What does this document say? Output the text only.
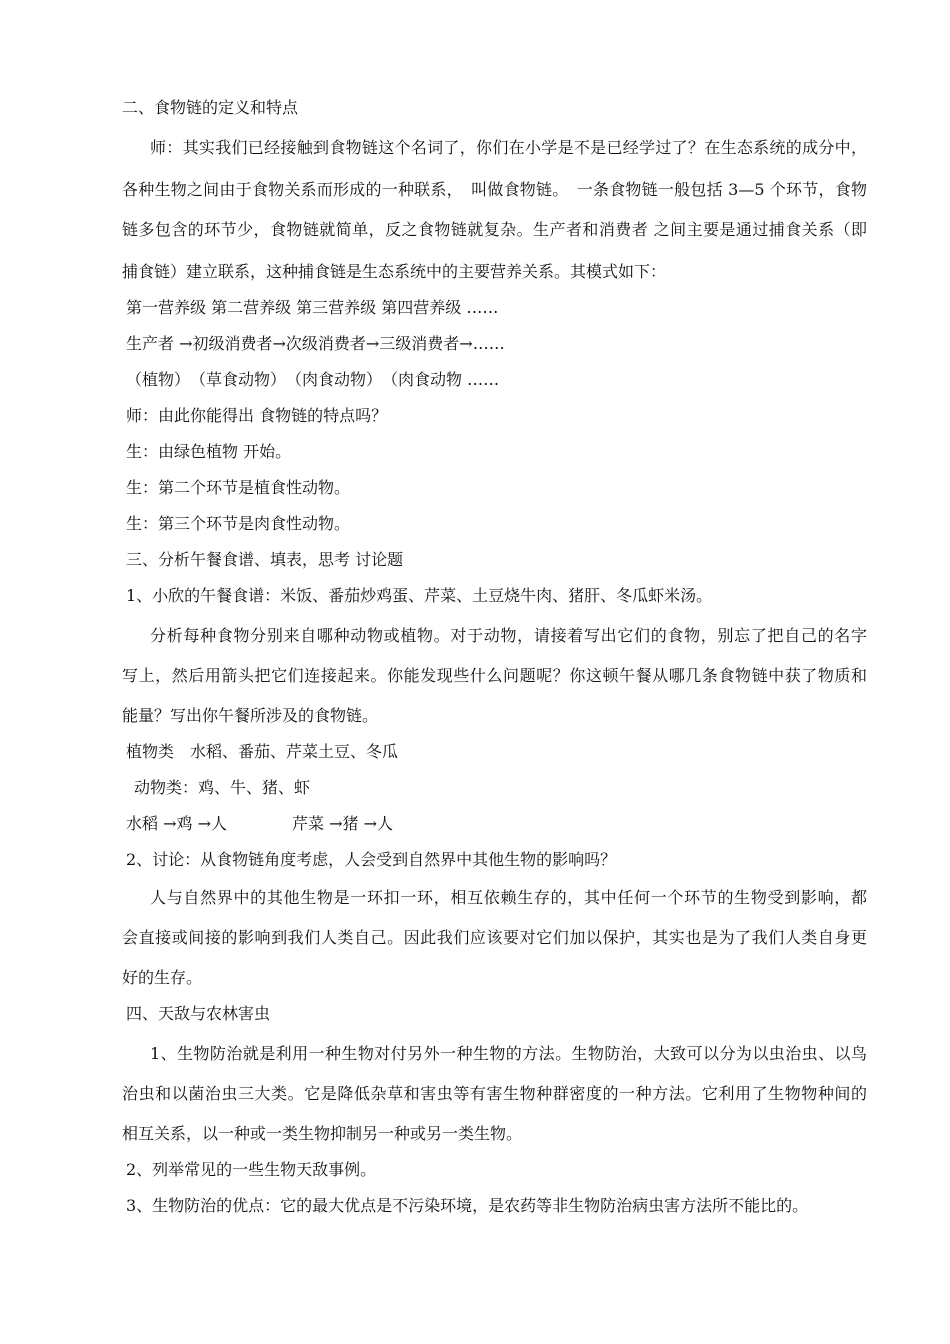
二、食物链的定义和特点
师：其实我们已经接触到食物链这个名词了，你们在小学是不是已经学过了？在生态系统的成分中，
各种生物之间由于食物关系而形成的一种联系，　叫做食物链。　一条食物链一般包括 3—5 个环节，食物
链多包含的环节少，食物链就简单，反之食物链就复杂。生产者和消费者 之间主要是通过捕食关系（即
捕食链）建立联系，这种捕食链是生态系统中的主要营养关系。其模式如下：
第一营养级 第二营养级 第三营养级 第四营养级 ……
生产者 →初级消费者→次级消费者→三级消费者→……
（植物）　（草食动物）　（肉食动物）　（肉食动物 ……
师：由此你能得出 食物链的特点吗？
生：由绿色植物 开始。
生：第二个环节是植食性动物。
生：第三个环节是肉食性动物。
三、分析午餐食谱、填表，思考 讨论题
1、小欣的午餐食谱：米饭、番茄炒鸡蛋、芹菜、土豆烧牛肉、猪肝、冬瓜虾米汤。
分析每种食物分别来自哪种动物或植物。对于动物，请接着写出它们的食物，别忘了把自己的名字
写上，然后用箭头把它们连接起来。你能发现些什么问题呢？你这顿午餐从哪几条食物链中获了物质和
能量？写出你午餐所涉及的食物链。
植物类　水稻、番茄、芹菜土豆、冬瓜
动物类：鸡、牛、猪、虾
水稻 →鸡 →人	芹菜 →猪 →人
2、讨论：从食物链角度考虑，人会受到自然界中其他生物的影响吗？
人与自然界中的其他生物是一环扣一环，相互依赖生存的，其中任何一个环节的生物受到影响，都
会直接或间接的影响到我们人类自己。因此我们应该要对它们加以保护，其实也是为了我们人类自身更
好的生存。
四、天敌与农林害虫
1、生物防治就是利用一种生物对付另外一种生物的方法。生物防治，大致可以分为以虫治虫、以鸟
治虫和以菌治虫三大类。它是降低杂草和害虫等有害生物种群密度的一种方法。它利用了生物物种间的
相互关系，以一种或一类生物抑制另一种或另一类生物。
2、列举常见的一些生物天敌事例。
3、生物防治的优点：它的最大优点是不污染环境，是农药等非生物防治病虫害方法所不能比的。
